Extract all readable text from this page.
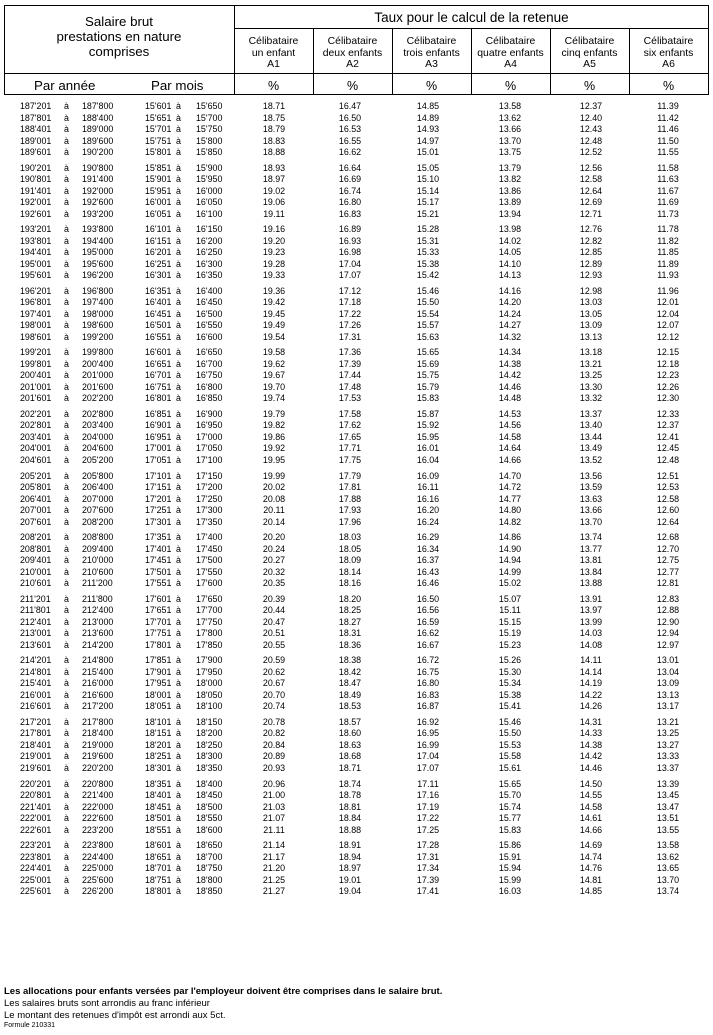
Salaire brut
prestations en nature
comprises
Taux pour le calcul de la retenue
Célibataire
un enfant
A1
Célibataire
deux enfants
A2
Célibataire
trois enfants
A3
Célibataire
quatre enfants
A4
Célibataire
cinq enfants
A5
Célibataire
six enfants
A6
Par année	Par mois	%	%	%	%	%	%
187'201 à 187'800	15'601 à 15'650	18.71	16.47	14.85	13.58	12.37	11.39
187'801 à 188'400	15'651 à 15'700	18.75	16.50	14.89	13.62	12.40	11.42
188'401 à 189'000	15'701 à 15'750	18.79	16.53	14.93	13.66	12.43	11.46
189'001 à 189'600	15'751 à 15'800	18.83	16.55	14.97	13.70	12.48	11.50
189'601 à 190'200	15'801 à 15'850	18.88	16.62	15.01	13.75	12.52	11.55
190'201 à 190'800	15'851 à 15'900	18.93	16.64	15.05	13.79	12.56	11.58
190'801 à 191'400	15'901 à 15'950	18.97	16.69	15.10	13.82	12.58	11.63
191'401 à 192'000	15'951 à 16'000	19.02	16.74	15.14	13.86	12.64	11.67
192'001 à 192'600	16'001 à 16'050	19.06	16.80	15.17	13.89	12.69	11.69
192'601 à 193'200	16'051 à 16'100	19.11	16.83	15.21	13.94	12.71	11.73
193'201 à 193'800	16'101 à 16'150	19.16	16.89	15.28	13.98	12.76	11.78
193'801 à 194'400	16'151 à 16'200	19.20	16.93	15.31	14.02	12.82	11.82
194'401 à 195'000	16'201 à 16'250	19.23	16.98	15.33	14.05	12.85	11.85
195'001 à 195'600	16'251 à 16'300	19.28	17.04	15.38	14.10	12.89	11.89
195'601 à 196'200	16'301 à 16'350	19.33	17.07	15.42	14.13	12.93	11.93
196'201 à 196'800	16'351 à 16'400	19.36	17.12	15.46	14.16	12.98	11.96
196'801 à 197'400	16'401 à 16'450	19.42	17.18	15.50	14.20	13.03	12.01
197'401 à 198'000	16'451 à 16'500	19.45	17.22	15.54	14.24	13.05	12.04
198'001 à 198'600	16'501 à 16'550	19.49	17.26	15.57	14.27	13.09	12.07
198'601 à 199'200	16'551 à 16'600	19.54	17.31	15.63	14.32	13.13	12.12
199'201 à 199'800	16'601 à 16'650	19.58	17.36	15.65	14.34	13.18	12.15
199'801 à 200'400	16'651 à 16'700	19.62	17.39	15.69	14.38	13.21	12.18
200'401 à 201'000	16'701 à 16'750	19.67	17.44	15.75	14.42	13.25	12.23
201'001 à 201'600	16'751 à 16'800	19.70	17.48	15.79	14.46	13.30	12.26
201'601 à 202'200	16'801 à 16'850	19.74	17.53	15.83	14.48	13.32	12.30
202'201 à 202'800	16'851 à 16'900	19.79	17.58	15.87	14.53	13.37	12.33
202'801 à 203'400	16'901 à 16'950	19.82	17.62	15.92	14.56	13.40	12.37
203'401 à 204'000	16'951 à 17'000	19.86	17.65	15.95	14.58	13.44	12.41
204'001 à 204'600	17'001 à 17'050	19.92	17.71	16.01	14.64	13.49	12.45
204'601 à 205'200	17'051 à 17'100	19.95	17.75	16.04	14.66	13.52	12.48
205'201 à 205'800	17'101 à 17'150	19.99	17.79	16.09	14.70	13.56	12.51
205'801 à 206'400	17'151 à 17'200	20.02	17.81	16.11	14.72	13.59	12.53
206'401 à 207'000	17'201 à 17'250	20.08	17.88	16.16	14.77	13.63	12.58
207'001 à 207'600	17'251 à 17'300	20.11	17.93	16.20	14.80	13.66	12.60
207'601 à 208'200	17'301 à 17'350	20.14	17.96	16.24	14.82	13.70	12.64
208'201 à 208'800	17'351 à 17'400	20.20	18.03	16.29	14.86	13.74	12.68
208'801 à 209'400	17'401 à 17'450	20.24	18.05	16.34	14.90	13.77	12.70
209'401 à 210'000	17'451 à 17'500	20.27	18.09	16.37	14.94	13.81	12.75
210'001 à 210'600	17'501 à 17'550	20.32	18.14	16.43	14.99	13.84	12.77
210'601 à 211'200	17'551 à 17'600	20.35	18.16	16.46	15.02	13.88	12.81
211'201 à 211'800	17'601 à 17'650	20.39	18.20	16.50	15.07	13.91	12.83
211'801 à 212'400	17'651 à 17'700	20.44	18.25	16.56	15.11	13.97	12.88
212'401 à 213'000	17'701 à 17'750	20.47	18.27	16.59	15.15	13.99	12.90
213'001 à 213'600	17'751 à 17'800	20.51	18.31	16.62	15.19	14.03	12.94
213'601 à 214'200	17'801 à 17'850	20.55	18.36	16.67	15.23	14.08	12.97
214'201 à 214'800	17'851 à 17'900	20.59	18.38	16.72	15.26	14.11	13.01
214'801 à 215'400	17'901 à 17'950	20.62	18.42	16.75	15.30	14.14	13.04
215'401 à 216'000	17'951 à 18'000	20.67	18.47	16.80	15.34	14.19	13.09
216'001 à 216'600	18'001 à 18'050	20.70	18.49	16.83	15.38	14.22	13.13
216'601 à 217'200	18'051 à 18'100	20.74	18.53	16.87	15.41	14.26	13.17
217'201 à 217'800	18'101 à 18'150	20.78	18.57	16.92	15.46	14.31	13.21
217'801 à 218'400	18'151 à 18'200	20.82	18.60	16.95	15.50	14.33	13.25
218'401 à 219'000	18'201 à 18'250	20.84	18.63	16.99	15.53	14.38	13.27
219'001 à 219'600	18'251 à 18'300	20.89	18.68	17.04	15.58	14.42	13.33
219'601 à 220'200	18'301 à 18'350	20.93	18.71	17.07	15.61	14.46	13.37
220'201 à 220'800	18'351 à 18'400	20.96	18.74	17.11	15.65	14.50	13.39
220'801 à 221'400	18'401 à 18'450	21.00	18.78	17.16	15.70	14.55	13.45
221'401 à 222'000	18'451 à 18'500	21.03	18.81	17.19	15.74	14.58	13.47
222'001 à 222'600	18'501 à 18'550	21.07	18.84	17.22	15.77	14.61	13.51
222'601 à 223'200	18'551 à 18'600	21.11	18.88	17.25	15.83	14.66	13.55
223'201 à 223'800	18'601 à 18'650	21.14	18.91	17.28	15.86	14.69	13.58
223'801 à 224'400	18'651 à 18'700	21.17	18.94	17.31	15.91	14.74	13.62
224'401 à 225'000	18'701 à 18'750	21.20	18.97	17.34	15.94	14.76	13.65
225'001 à 225'600	18'751 à 18'800	21.25	19.01	17.39	15.99	14.81	13.70
225'601 à 226'200	18'801 à 18'850	21.27	19.04	17.41	16.03	14.85	13.74
Les allocations pour enfants versées par l'employeur doivent être comprises dans le salaire brut.
Les salaires bruts sont arrondis au franc inférieur
Le montant des retenues d'impôt est arrondi aux 5ct.
Formule 210331
